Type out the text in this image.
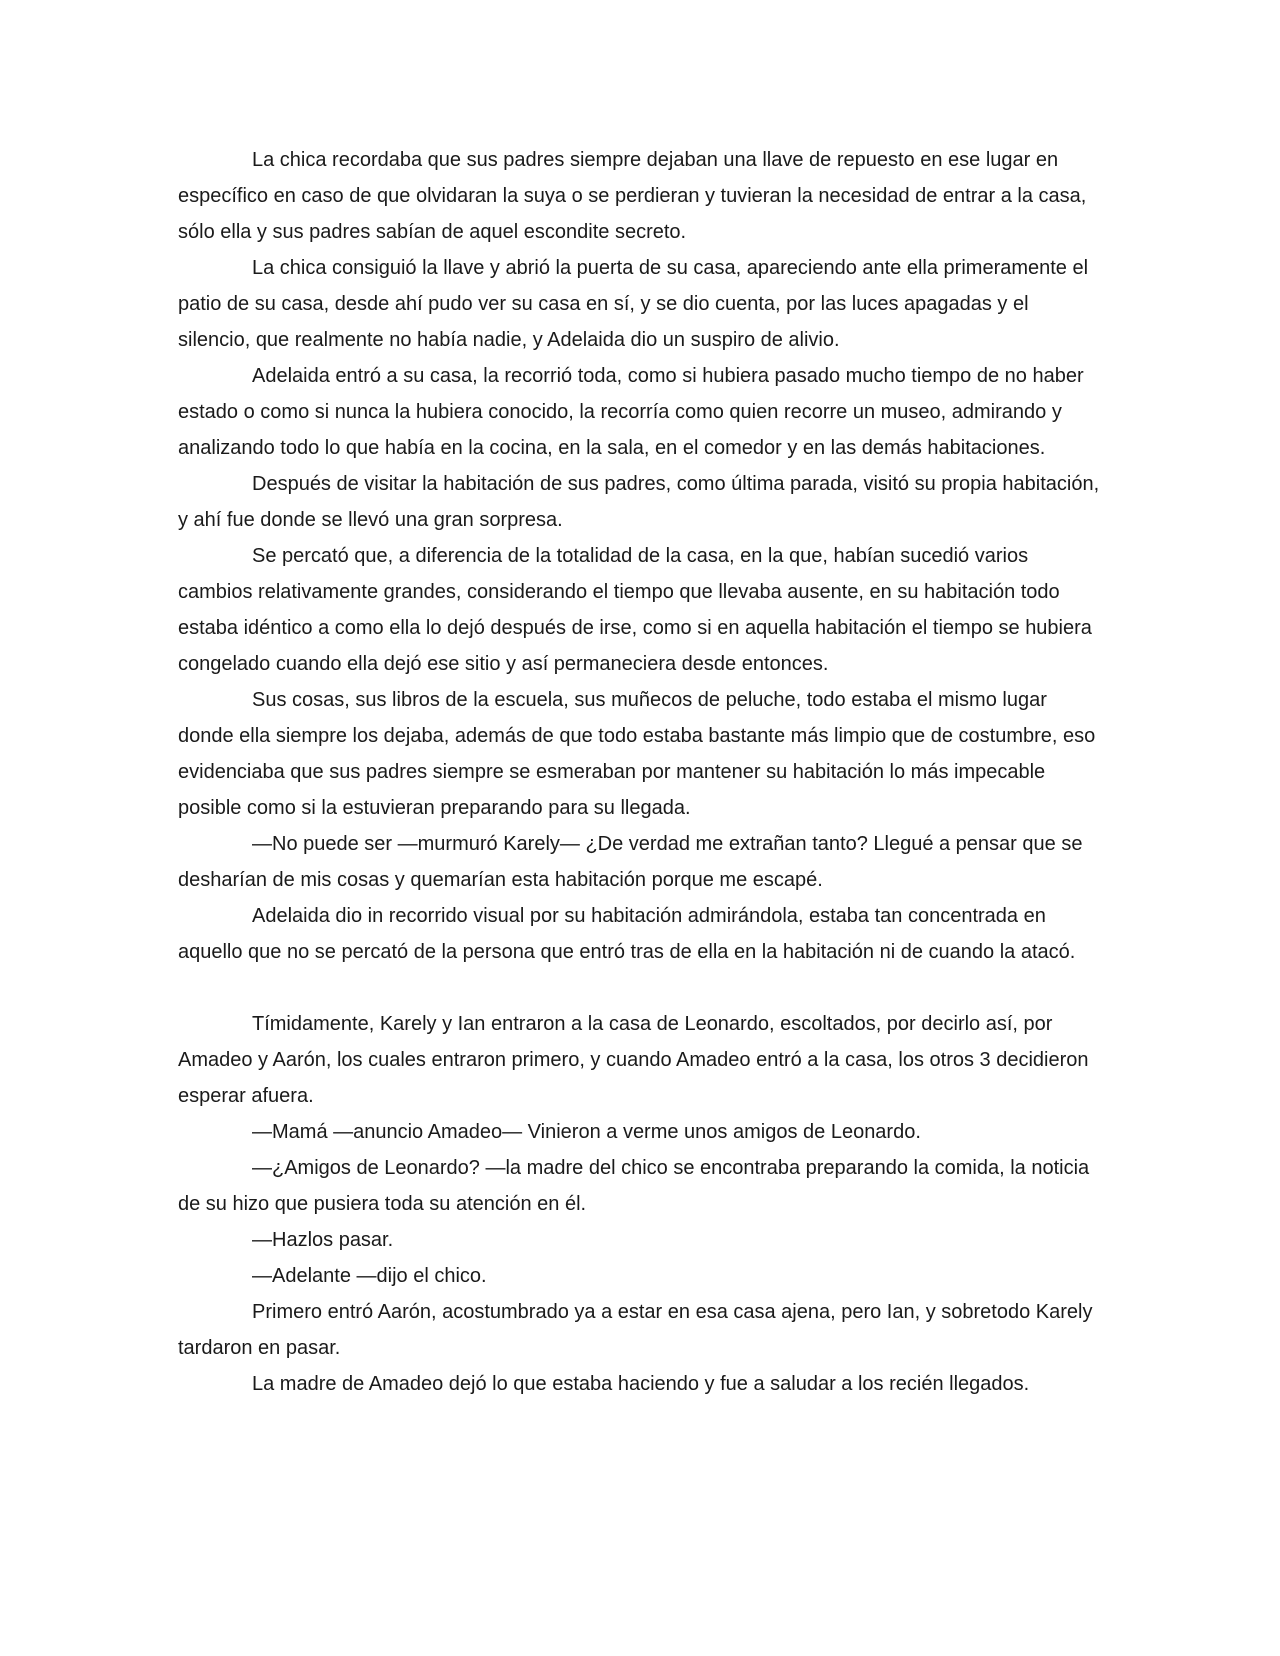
La chica recordaba que sus padres siempre dejaban una llave de repuesto en ese lugar en específico en caso de que olvidaran la suya o se perdieran y tuvieran la necesidad de entrar a la casa, sólo ella y sus padres sabían de aquel escondite secreto.

La chica consiguió la llave y abrió la puerta de su casa, apareciendo ante ella primeramente el patio de su casa, desde ahí pudo ver su casa en sí, y se dio cuenta, por las luces apagadas y el silencio, que realmente no había nadie, y Adelaida dio un suspiro de alivio.

Adelaida entró a su casa, la recorrió toda, como si hubiera pasado mucho tiempo de no haber estado o como si nunca la hubiera conocido, la recorría como quien recorre un museo, admirando y analizando todo lo que había en la cocina, en la sala, en el comedor y en las demás habitaciones.

Después de visitar la habitación de sus padres, como última parada, visitó su propia habitación, y ahí fue donde se llevó una gran sorpresa.

Se percató que, a diferencia de la totalidad de la casa, en la que, habían sucedió varios cambios relativamente grandes, considerando el tiempo que llevaba ausente, en su habitación todo estaba idéntico a como ella lo dejó después de irse, como si en aquella habitación el tiempo se hubiera congelado cuando ella dejó ese sitio y así permaneciera desde entonces.

Sus cosas, sus libros de la escuela, sus muñecos de peluche, todo estaba el mismo lugar donde ella siempre los dejaba, además de que todo estaba bastante más limpio que de costumbre, eso evidenciaba que sus padres siempre se esmeraban por mantener su habitación lo más impecable posible como si la estuvieran preparando para su llegada.

—No puede ser —murmuró Karely— ¿De verdad me extrañan tanto? Llegué a pensar que se desharían de mis cosas y quemarían esta habitación porque me escapé.

Adelaida dio in recorrido visual por su habitación admirándola, estaba tan concentrada en aquello que no se percató de la persona que entró tras de ella en la habitación ni de cuando la atacó.

Tímidamente, Karely y Ian entraron a la casa de Leonardo, escoltados, por decirlo así, por Amadeo y Aarón, los cuales entraron primero, y cuando Amadeo entró a la casa, los otros 3 decidieron esperar afuera.

—Mamá —anuncio Amadeo— Vinieron a verme unos amigos de Leonardo.

—¿Amigos de Leonardo? —la madre del chico se encontraba preparando la comida, la noticia de su hizo que pusiera toda su atención en él.

—Hazlos pasar.

—Adelante —dijo el chico.

Primero entró Aarón, acostumbrado ya a estar en esa casa ajena, pero Ian, y sobretodo Karely tardaron en pasar.

La madre de Amadeo dejó lo que estaba haciendo y fue a saludar a los recién llegados.
